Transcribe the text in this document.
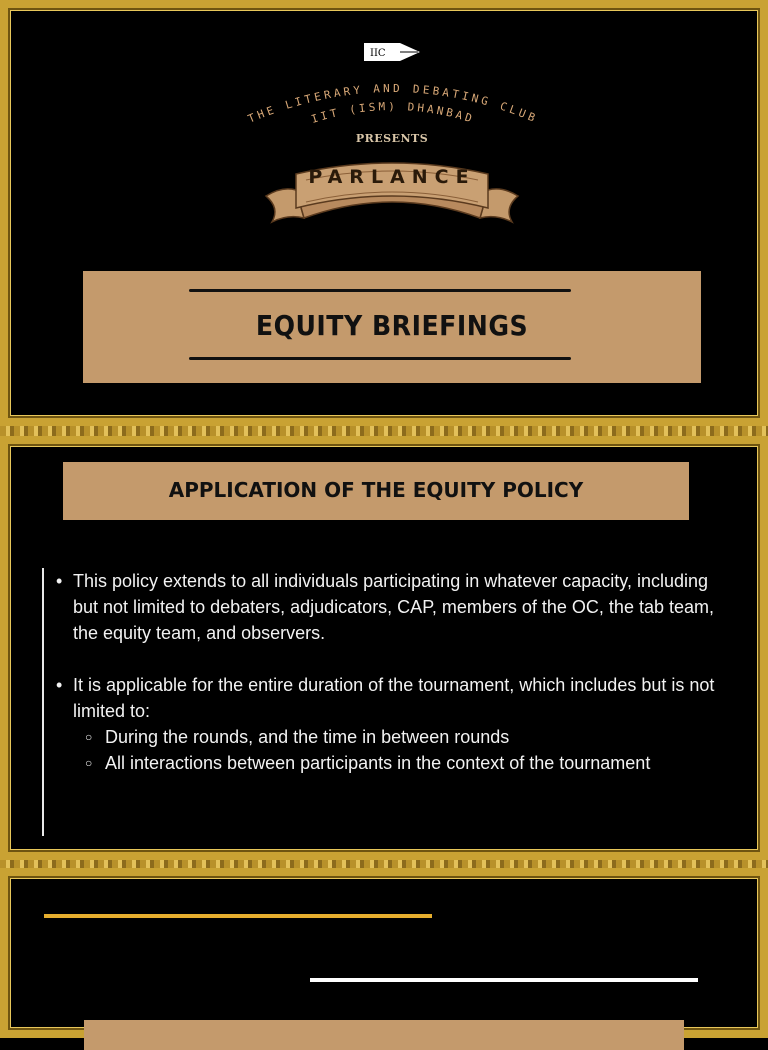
IIC
THE LITERARY AND DEBATING CLUB
IIT (ISM) DHANBAD
PRESENTS
PARLANCE
EQUITY BRIEFINGS
APPLICATION OF THE EQUITY POLICY

• This policy extends to all individuals participating in whatever capacity, including but not limited to debaters, adjudicators, CAP, members of the OC, the tab team, the equity team, and observers.

• It is applicable for the entire duration of the tournament, which includes but is not limited to:

○ During the rounds, and the time in between rounds

○ All interactions between participants in the context of the tournament
